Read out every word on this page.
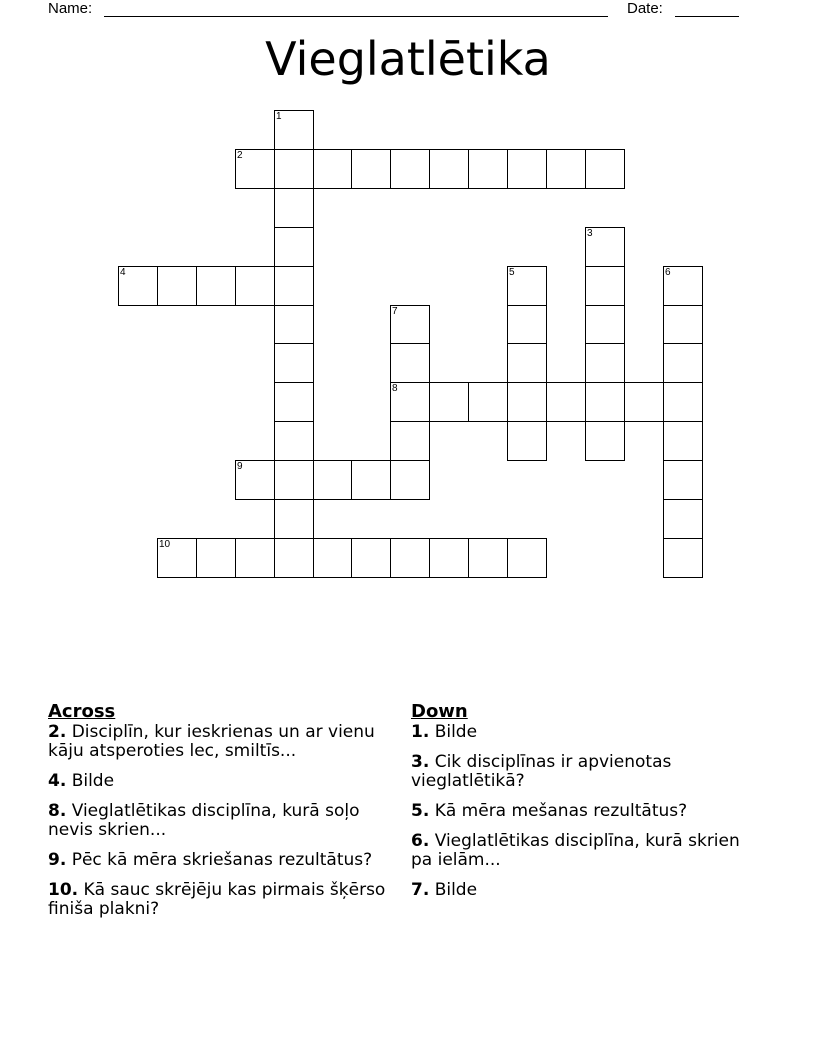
Name:	Date:
Vieglatlētika
1
2
3
4	5	6
7
8
9
10
Across
2. Disciplīn, kur ieskrienas un ar vienu kāju atsperoties lec, smiltīs...
4. Bilde
8. Vieglatlētikas disciplīna, kurā soļo nevis skrien...
9. Pēc kā mēra skriešanas rezultātus?
10. Kā sauc skrējēju kas pirmais šķērso finiša plakni?
Down
1. Bilde
3. Cik disciplīnas ir apvienotas vieglatlētikā?
5. Kā mēra mešanas rezultātus?
6. Vieglatlētikas disciplīna, kurā skrien pa ielām...
7. Bilde
